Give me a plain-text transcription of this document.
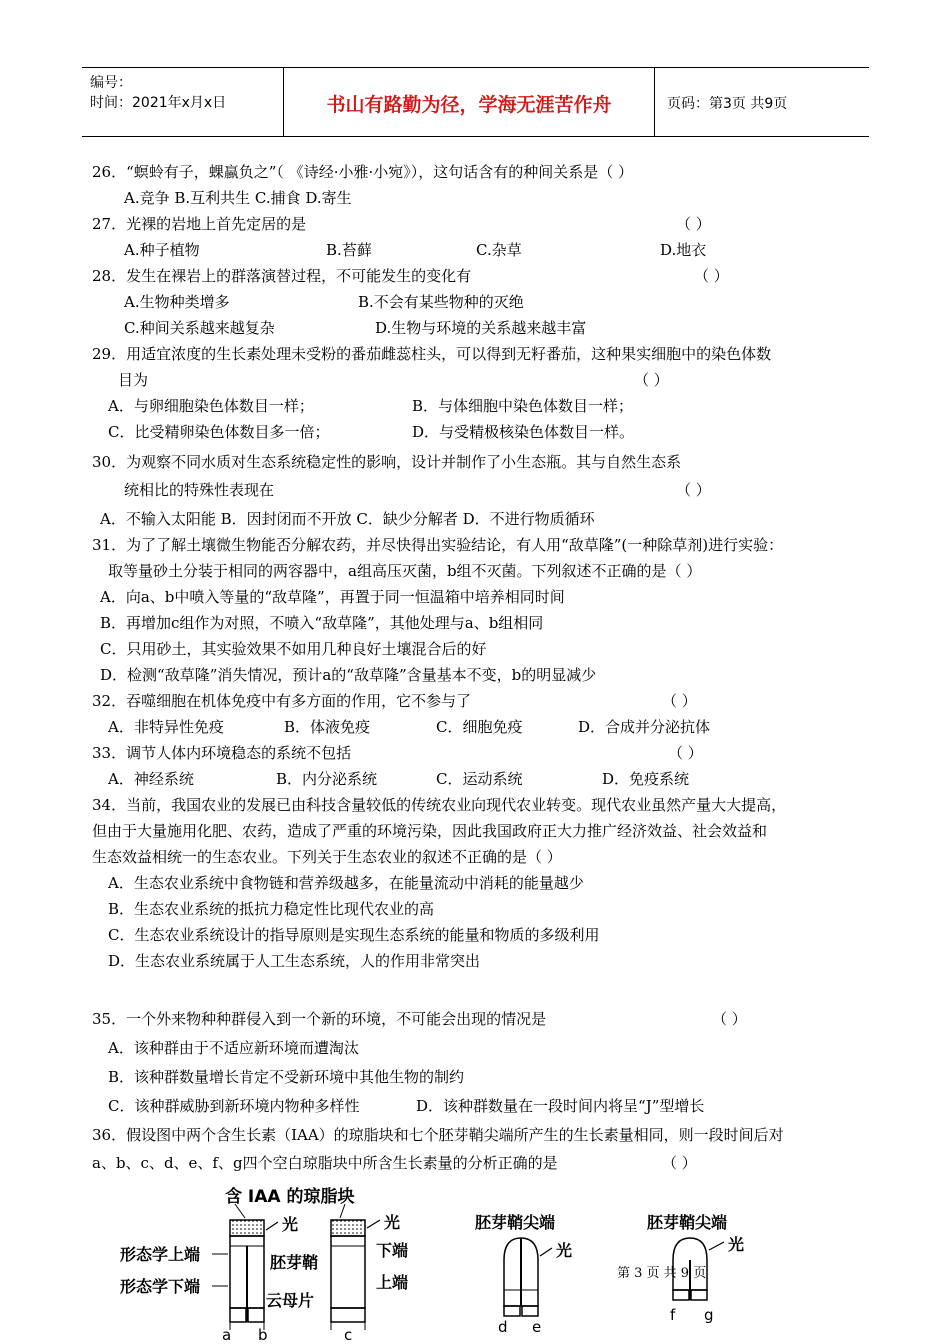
编号：
时间：2021年x月x日	书山有路勤为径，学海无涯苦作舟	页码：第3页 共9页
26．“螟蛉有子，蜾蠃负之”（ 《诗经·小雅·小宛》），这句话含有的种间关系是（ ）
A.竞争 B.互利共生 C.捕食 D.寄生
27．光裸的岩地上首先定居的是	（ ）
A.种子植物	B.苔藓	C.杂草	D.地衣
28．发生在裸岩上的群落演替过程，不可能发生的变化有	（ ）
A.生物种类增多	B.不会有某些物种的灭绝
C.种间关系越来越复杂	D.生物与环境的关系越来越丰富
29．用适宜浓度的生长素处理未受粉的番茄雌蕊柱头，可以得到无籽番茄，这种果实细胞中的染色体数
目为	（ ）
A．与卵细胞染色体数目一样；	B．与体细胞中染色体数目一样；
C．比受精卵染色体数目多一倍；	D．与受精极核染色体数目一样。
30．为观察不同水质对生态系统稳定性的影响，设计并制作了小生态瓶。其与自然生态系
统相比的特殊性表现在	（ ）
A．不输入太阳能 B．因封闭而不开放 C．缺少分解者 D．不进行物质循环
31．为了了解土壤微生物能否分解农药，并尽快得出实验结论，有人用“敌草隆”(一种除草剂)进行实验：
取等量砂土分装于相同的两容器中，a组高压灭菌，b组不灭菌。下列叙述不正确的是（ ）
A．向a、b中喷入等量的“敌草隆”，再置于同一恒温箱中培养相同时间
B．再增加c组作为对照，不喷入“敌草隆”，其他处理与a、b组相同
C．只用砂土，其实验效果不如用几种良好土壤混合后的好
D．检测“敌草隆”消失情况，预计a的“敌草隆”含量基本不变，b的明显减少
32．吞噬细胞在机体免疫中有多方面的作用，它不参与了	（ ）
A．非特异性免疫	B．体液免疫	C．细胞免疫	D．合成并分泌抗体
33．调节人体内环境稳态的系统不包括	（ ）
A．神经系统	B．内分泌系统	C．运动系统	D．免疫系统
34．当前，我国农业的发展已由科技含量较低的传统农业向现代农业转变。现代农业虽然产量大大提高，
但由于大量施用化肥、农药，造成了严重的环境污染，因此我国政府正大力推广经济效益、社会效益和
生态效益相统一的生态农业。下列关于生态农业的叙述不正确的是（ ）
A．生态农业系统中食物链和营养级越多，在能量流动中消耗的能量越少
B．生态农业系统的抵抗力稳定性比现代农业的高
C．生态农业系统设计的指导原则是实现生态系统的能量和物质的多级利用
D．生态农业系统属于人工生态系统，人的作用非常突出
35．一个外来物种种群侵入到一个新的环境，不可能会出现的情况是	（ ）
A．该种群由于不适应新环境而遭淘汰
B．该种群数量增长肯定不受新环境中其他生物的制约
C．该种群威胁到新环境内物种多样性	D．该种群数量在一段时间内将呈“J”型增长
36．假设图中两个含生长素（IAA）的琼脂块和七个胚芽鞘尖端所产生的生长素量相同，则一段时间后对
a、b、c、d、e、f、g四个空白琼脂块中所含生长素量的分析正确的是	（ ）
含 IAA 的琼脂块
光
形态学上端
形态学下端
胚芽鞘
云母片
a b
光
下端
上端
c
胚芽鞘尖端
光
d e
胚芽鞘尖端
光
f g
第 3 页 共 9 页
